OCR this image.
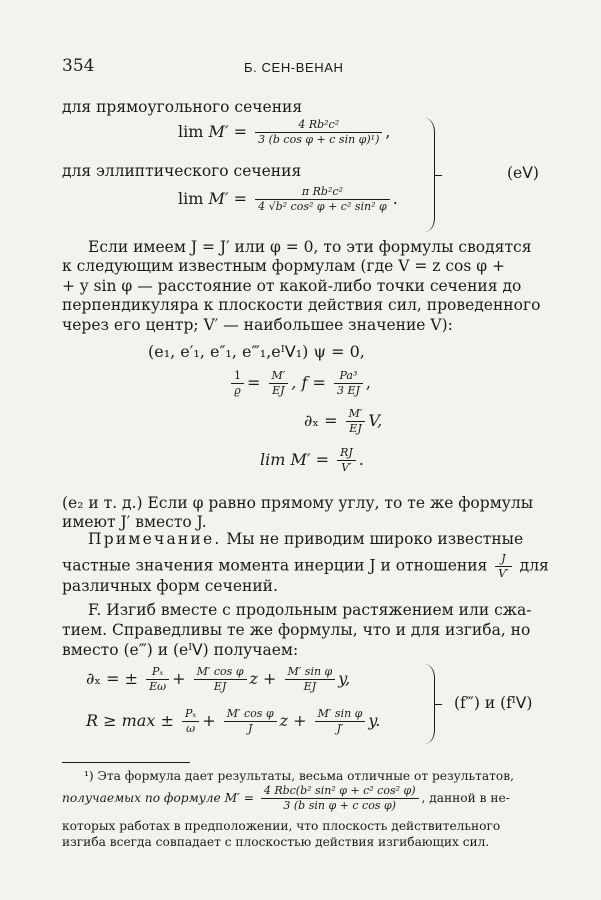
354	Б. СЕН-ВЕНАН
для прямоугольного сечения
$\lim M' = \frac{\text{4 Rb²c²}}{\text{3 (b cos φ + c sin φ)¹)}}$ ,
для эллиптического сечения
$\lim M' = \frac{\text{π Rb²c²}}{\text{4 √b² cos² φ + c² sin² φ}}$ .
(eᐯ)
Если имеем J = J′ или φ = 0, то эти формулы сводятся
к следующим известным формулам (где V = z cos φ +
+ y sin φ — расстояние от какой-либо точки сечения до
перпендикуляра к плоскости действия сил, проведенного
через его центр; V′ — наибольшее значение V):
(e₁, e′₁, e″₁, e‴₁,eᴵᐯ₁) ψ = 0,
$\frac{1}{ϱ} = \frac{M'}{EJ}$ , $f = \frac{\text{Pa³}}{3 EJ}$ ,
$\partial_x = \frac{M'}{EJ} V$,
$\lim M' = \frac{RJ}{V'}$ .
(e₂ и т. д.) Если φ равно прямому углу, то те же формулы
имеют J′ вместо J.
Примечание. Мы не приводим широко известные
частные значения момента инерции J и отношения $\frac{J}{V'}$ для
различных форм сечений.
F. Изгиб вместе с продольным растяжением или сжа-
тием. Справедливы те же формулы, что и для изгиба, но
вместо (e‴) и (eᴵᐯ) получаем:
∂ₓ = ± $\frac{\text{Pₓ}}{E\omega} + \frac{\text{M′ cos φ}}{EJ}$ $z + \frac{\text{M′ sin φ}}{EJ} y$,
$R \ge \max \pm \frac{\text{Pₓ}}{\omega} + \frac{\text{M′ cos φ}}{J}$ $z + \frac{\text{M′ sin φ}}{J'} y$.
(f‴) и (fᴵᐯ)
¹) Эта формула дает результаты, весьма отличные от результатов,
получаемых по формуле $M' = \frac{\text{4 Rbc(b² sin² φ + c² cos² φ)}}{\text{3 (b sin φ + c cos φ)}}$ , данной в не-
которых работах в предположении, что плоскость действительного
изгиба всегда совпадает с плоскостью действия изгибающих сил.
